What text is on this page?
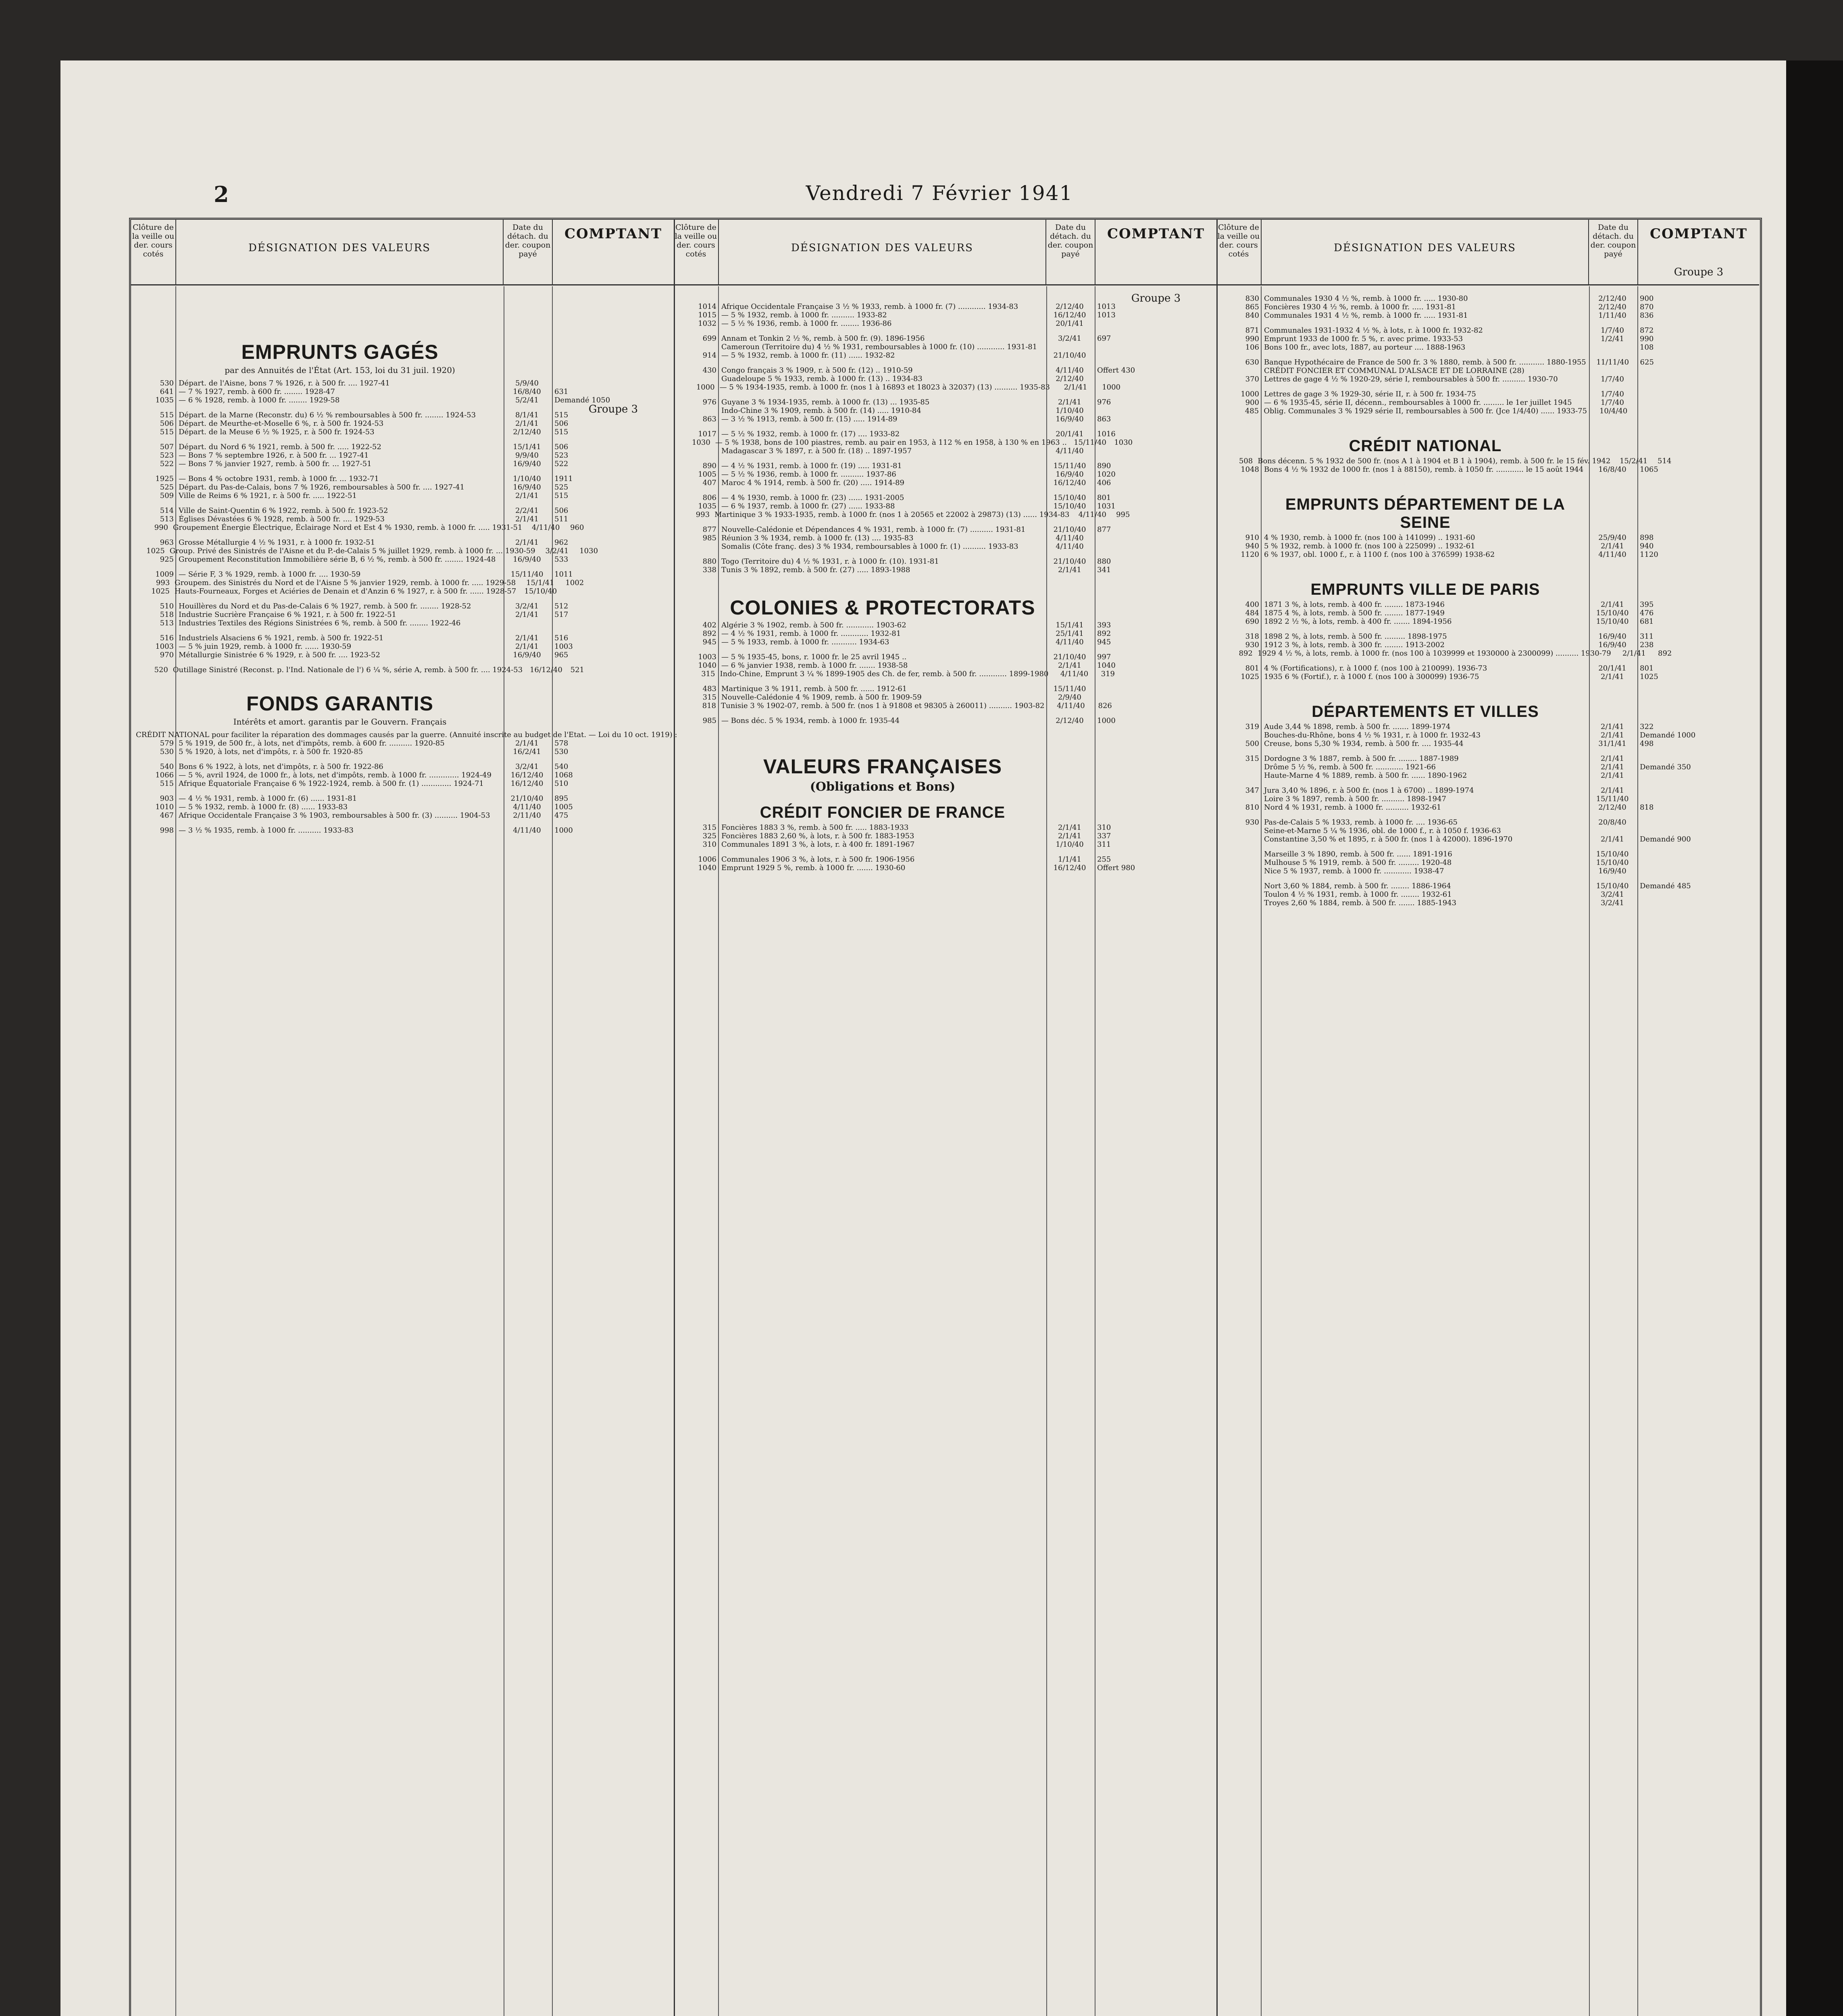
2	Vendredi 7 Février 1941
Clôture de la veille ou der. cours cotés	DÉSIGNATION DES VALEURS
Date du détach. du der. coupon payé
COMPTANT
Groupe 3
EMPRUNTS GAGÉS
par des Annuités de l'État (Art. 153, loi du 31 juil. 1920)
530 Départ. de l'Aisne, bons 7 % 1926, r. à 500 fr. .... 1927-41	5/9/40
641 — 7 % 1927, remb. à 600 fr. ........ 1928-47	16/8/40	631
1035 — 6 % 1928, remb. à 1000 fr. ........ 1929-58	5/2/41	Demandé 1050
515 Départ. de la Marne (Reconstr. du) 6 ½ % remboursables à 500 fr. ........ 1924-53	8/1/41	515
506 Départ. de Meurthe-et-Moselle 6 %, r. à 500 fr. 1924-53	2/1/41	506
515 Départ. de la Meuse 6 ½ % 1925, r. à 500 fr. 1924-53	2/12/40	515
507 Départ. du Nord 6 % 1921, remb. à 500 fr. ..... 1922-52	15/1/41	506
523 — Bons 7 % septembre 1926, r. à 500 fr. ... 1927-41	9/9/40	523
522 — Bons 7 % janvier 1927, remb. à 500 fr. ... 1927-51	16/9/40	522
1925 — Bons 4 % octobre 1931, remb. à 1000 fr. ... 1932-71	1/10/40	1911
525 Départ. du Pas-de-Calais, bons 7 % 1926, remboursables à 500 fr. .... 1927-41	16/9/40	525
509 Ville de Reims 6 % 1921, r. à 500 fr. ..... 1922-51	2/1/41	515
514 Ville de Saint-Quentin 6 % 1922, remb. à 500 fr. 1923-52	2/2/41	506
513 Églises Dévastées 6 % 1928, remb. à 500 fr. .... 1929-53	2/1/41	511
990 Groupement Énergie Électrique, Éclairage Nord et Est 4 % 1930, remb. à 1000 fr. ..... 1931-51	4/11/40	960
963 Grosse Métallurgie 4 ½ % 1931, r. à 1000 fr. 1932-51	2/1/41	962
1025 Group. Privé des Sinistrés de l'Aisne et du P.-de-Calais 5 % juillet 1929, remb. à 1000 fr. ... 1930-59	3/2/41	1030
925 Groupement Reconstitution Immobilière série B, 6 ½ %, remb. à 500 fr. ........ 1924-48	16/9/40	533
1009 — Série F, 3 % 1929, remb. à 1000 fr. .... 1930-59	15/11/40	1011
993 Groupem. des Sinistrés du Nord et de l'Aisne 5 % janvier 1929, remb. à 1000 fr. ..... 1929-58	15/1/41	1002
1025 Hauts-Fourneaux, Forges et Aciéries de Denain et d'Anzin 6 % 1927, r. à 500 fr. ...... 1928-57	15/10/40
510 Houillères du Nord et du Pas-de-Calais 6 % 1927, remb. à 500 fr. ........ 1928-52	3/2/41	512
518 Industrie Sucrière Française 6 % 1921, r. à 500 fr. 1922-51	2/1/41	517
513 Industries Textiles des Régions Sinistrées 6 %, remb. à 500 fr. ........ 1922-46
516 Industriels Alsaciens 6 % 1921, remb. à 500 fr. 1922-51	2/1/41	516
1003 — 5 % juin 1929, remb. à 1000 fr. ...... 1930-59	2/1/41	1003
970 Métallurgie Sinistrée 6 % 1929, r. à 500 fr. .... 1923-52	16/9/40	965
520 Outillage Sinistré (Reconst. p. l'Ind. Nationale de l') 6 ¼ %, série A, remb. à 500 fr. .... 1924-53 16/12/40	521
FONDS GARANTIS
Intérêts et amort. garantis par le Gouvern. Français
CRÉDIT NATIONAL pour faciliter la réparation des dommages causés par la guerre. (Annuité inscrite au budget de l'Etat. — Loi du 10 oct. 1919) :
579 5 % 1919, de 500 fr., à lots, net d'impôts, remb. à 600 fr. .......... 1920-85	2/1/41	578
530 5 % 1920, à lots, net d'impôts, r. à 500 fr. 1920-85	16/2/41	530
540 Bons 6 % 1922, à lots, net d'impôts, r. à 500 fr. 1922-86	3/2/41	540
1066 — 5 %, avril 1924, de 1000 fr., à lots, net d'impôts, remb. à 1000 fr. ............. 1924-49	16/12/40	1068
515 Afrique Équatoriale Française 6 % 1922-1924, remb. à 500 fr. (1) ............. 1924-71	16/12/40	510
903 — 4 ½ % 1931, remb. à 1000 fr. (6) ...... 1931-81	21/10/40	895
1010 — 5 % 1932, remb. à 1000 fr. (8) ...... 1933-83	4/11/40	1005
467 Afrique Occidentale Française 3 % 1903, remboursables à 500 fr. (3) .......... 1904-53	2/11/40	475
998 — 3 ½ % 1935, remb. à 1000 fr. .......... 1933-83	4/11/40	1000
Clôture de la veille ou der. cours cotés	DÉSIGNATION DES VALEURS
Date du détach. du der. coupon payé
COMPTANT
Groupe 3
1014 Afrique Occidentale Française 3 ½ % 1933, remb. à 1000 fr. (7) ............ 1934-83	2/12/40	1013
1015 — 5 % 1932, remb. à 1000 fr. .......... 1933-82	16/12/40	1013
1032 — 5 ½ % 1936, remb. à 1000 fr. ........ 1936-86	20/1/41
699 Annam et Tonkin 2 ½ %, remb. à 500 fr. (9). 1896-1956	3/2/41	697
Cameroun (Territoire du) 4 ½ % 1931, remboursables à 1000 fr. (10) ............ 1931-81
914 — 5 % 1932, remb. à 1000 fr. (11) ...... 1932-82	21/10/40
430 Congo français 3 % 1909, r. à 500 fr. (12) .. 1910-59	4/11/40	Offert 430
Guadeloupe 5 % 1933, remb. à 1000 fr. (13) .. 1934-83	2/12/40
1000 — 5 % 1934-1935, remb. à 1000 fr. (nos 1 à 16893 et 18023 à 32037) (13) .......... 1935-83	2/1/41	1000
976 Guyane 3 % 1934-1935, remb. à 1000 fr. (13) ... 1935-85	2/1/41	976
Indo-Chine 3 % 1909, remb. à 500 fr. (14) ..... 1910-84	1/10/40
863 — 3 ½ % 1913, remb. à 500 fr. (15) ..... 1914-89	16/9/40	863
1017 — 5 ½ % 1932, remb. à 1000 fr. (17) .... 1933-82	20/1/41	1016
1030 — 5 % 1938, bons de 100 piastres, remb. au pair en 1953, à 112 % en 1958, à 130 % en 1963 .. 15/11/40	1030
Madagascar 3 % 1897, r. à 500 fr. (18) .. 1897-1957	4/11/40
890 — 4 ½ % 1931, remb. à 1000 fr. (19) ..... 1931-81	15/11/40	890
1005 — 5 ½ % 1936, remb. à 1000 fr. .......... 1937-86	16/9/40	1020
407 Maroc 4 % 1914, remb. à 500 fr. (20) ..... 1914-89	16/12/40	406
806 — 4 % 1930, remb. à 1000 fr. (23) ...... 1931-2005	15/10/40	801
1035 — 6 % 1937, remb. à 1000 fr. (27) ...... 1933-88	15/10/40	1031
993 Martinique 3 % 1933-1935, remb. à 1000 fr. (nos 1 à 20565 et 22002 à 29873) (13) ...... 1934-83	4/11/40	995
877 Nouvelle-Calédonie et Dépendances 4 % 1931, remb. à 1000 fr. (7) .......... 1931-81	21/10/40	877
985 Réunion 3 % 1934, remb. à 1000 fr. (13) .... 1935-83	4/11/40
Somalis (Côte franç. des) 3 % 1934, remboursables à 1000 fr. (1) .......... 1933-83	4/11/40
880 Togo (Territoire du) 4 ½ % 1931, r. à 1000 fr. (10). 1931-81	21/10/40	880
338 Tunis 3 % 1892, remb. à 500 fr. (27) ..... 1893-1988	2/1/41	341
COLONIES & PROTECTORATS
402 Algérie 3 % 1902, remb. à 500 fr. ............ 1903-62	15/1/41	393
892 — 4 ½ % 1931, remb. à 1000 fr. ............ 1932-81	25/1/41	892
945 — 5 % 1933, remb. à 1000 fr. ........... 1934-63	4/11/40	945
1003 — 5 % 1935-45, bons, r. 1000 fr. le 25 avril 1945 ..	21/10/40	997
1040 — 6 % janvier 1938, remb. à 1000 fr. ....... 1938-58	2/1/41	1040
315 Indo-Chine, Emprunt 3 ¼ % 1899-1905 des Ch. de fer, remb. à 500 fr. ............ 1899-1980	4/11/40	319
483 Martinique 3 % 1911, remb. à 500 fr. ...... 1912-61	15/11/40
315 Nouvelle-Calédonie 4 % 1909, remb. à 500 fr. 1909-59	2/9/40
818 Tunisie 3 % 1902-07, remb. à 500 fr. (nos 1 à 91808 et 98305 à 260011) .......... 1903-82	4/11/40	826
985 — Bons déc. 5 % 1934, remb. à 1000 fr. 1935-44	2/12/40	1000
VALEURS FRANÇAISES
(Obligations et Bons)
CRÉDIT FONCIER DE FRANCE
315 Foncières 1883 3 %, remb. à 500 fr. ..... 1883-1933	2/1/41	310
325 Foncières 1883 2,60 %, à lots, r. à 500 fr. 1883-1953	2/1/41	337
310 Communales 1891 3 %, à lots, r. à 400 fr. 1891-1967	1/10/40	311
1006 Communales 1906 3 %, à lots, r. à 500 fr. 1906-1956	1/1/41	255
1040 Emprunt 1929 5 %, remb. à 1000 fr. ....... 1930-60	16/12/40	Offert 980
Clôture de la veille ou der. cours cotés	DÉSIGNATION DES VALEURS
Date du détach. du der. coupon payé
COMPTANT
Groupe 3
830 Communales 1930 4 ½ %, remb. à 1000 fr. ..... 1930-80	2/12/40	900
865 Foncières 1930 4 ½ %, remb. à 1000 fr. ..... 1931-81	2/12/40	870
840 Communales 1931 4 ½ %, remb. à 1000 fr. ..... 1931-81	1/11/40	836
871 Communales 1931-1932 4 ½ %, à lots, r. à 1000 fr. 1932-82	1/7/40	872
990 Emprunt 1933 de 1000 fr. 5 %, r. avec prime. 1933-53	1/2/41	990
106 Bons 100 fr., avec lots, 1887, au porteur .... 1888-1963	108
630 Banque Hypothécaire de France de 500 fr. 3 % 1880, remb. à 500 fr. ........... 1880-1955	11/11/40	625
CRÉDIT FONCIER ET COMMUNAL D'ALSACE ET DE LORRAINE (28)
370 Lettres de gage 4 ½ % 1920-29, série I, remboursables à 500 fr. .......... 1930-70	1/7/40
1000 Lettres de gage 3 % 1929-30, série II, r. à 500 fr. 1934-75	1/7/40
900 — 6 % 1935-45, série II, décenn., remboursables à 1000 fr. ......... le 1er juillet 1945	1/7/40
485 Oblig. Communales 3 % 1929 série II, remboursables à 500 fr. (Jce 1/4/40) ...... 1933-75	10/4/40
CRÉDIT NATIONAL
508 Bons décenn. 5 % 1932 de 500 fr. (nos A 1 à 1904 et B 1 à 1904), remb. à 500 fr. le 15 fév. 1942	15/2/41	514
1048 Bons 4 ½ % 1932 de 1000 fr. (nos 1 à 88150), remb. à 1050 fr. ............ le 15 août 1944	16/8/40	1065
EMPRUNTS DÉPARTEMENT DE LA SEINE
910 4 % 1930, remb. à 1000 fr. (nos 100 à 141099) .. 1931-60	25/9/40	898
940 5 % 1932, remb. à 1000 fr. (nos 100 à 225099) .. 1932-61	2/1/41	940
1120 6 % 1937, obl. 1000 f., r. à 1100 f. (nos 100 à 376599) 1938-62	4/11/40	1120
EMPRUNTS VILLE DE PARIS
400 1871 3 %, à lots, remb. à 400 fr. ........ 1873-1946	2/1/41	395
484 1875 4 %, à lots, remb. à 500 fr. ........ 1877-1949	15/10/40	476
690 1892 2 ½ %, à lots, remb. à 400 fr. ....... 1894-1956	15/10/40	681
318 1898 2 %, à lots, remb. à 500 fr. ......... 1898-1975	16/9/40	311
930 1912 3 %, à lots, remb. à 300 fr. ........ 1913-2002	16/9/40	238
892 1929 4 ½ %, à lots, remb. à 1000 fr. (nos 100 à 1039999 et 1930000 à 2300099) .......... 1930-79	2/1/41	892
801 4 % (Fortifications), r. à 1000 f. (nos 100 à 210099). 1936-73	20/1/41	801
1025 1935 6 % (Fortif.), r. à 1000 f. (nos 100 à 300099) 1936-75	2/1/41	1025
DÉPARTEMENTS ET VILLES
319 Aude 3,44 % 1898, remb. à 500 fr. ....... 1899-1974	2/1/41	322
Bouches-du-Rhône, bons 4 ½ % 1931, r. à 1000 fr. 1932-43	2/1/41	Demandé 1000
500 Creuse, bons 5,30 % 1934, remb. à 500 fr. .... 1935-44	31/1/41	498
315 Dordogne 3 % 1887, remb. à 500 fr. ........ 1887-1989	2/1/41
Drôme 5 ½ %, remb. à 500 fr. ............ 1921-66	2/1/41	Demandé 350
Haute-Marne 4 % 1889, remb. à 500 fr. ...... 1890-1962	2/1/41
347 Jura 3,40 % 1896, r. à 500 fr. (nos 1 à 6700) .. 1899-1974	2/1/41
Loire 3 % 1897, remb. à 500 fr. .......... 1898-1947	15/11/40
810 Nord 4 % 1931, remb. à 1000 fr. .......... 1932-61	2/12/40	818
930 Pas-de-Calais 5 % 1933, remb. à 1000 fr. .... 1936-65	20/8/40
Seine-et-Marne 5 ¼ % 1936, obl. de 1000 f., r. à 1050 f. 1936-63
Constantine 3,50 % et 1895, r. à 500 fr. (nos 1 à 42000). 1896-1970	2/1/41	Demandé 900
Marseille 3 % 1890, remb. à 500 fr. ...... 1891-1916	15/10/40
Mulhouse 5 % 1919, remb. à 500 fr. ......... 1920-48	15/10/40
Nice 5 % 1937, remb. à 1000 fr. ............ 1938-47	16/9/40
Nort 3,60 % 1884, remb. à 500 fr. ........ 1886-1964	15/10/40	Demandé 485
Toulon 4 ½ % 1931, remb. à 1000 fr. ........ 1932-61	3/2/41
Troyes 2,60 % 1884, remb. à 500 fr. ....... 1885-1943	3/2/41
